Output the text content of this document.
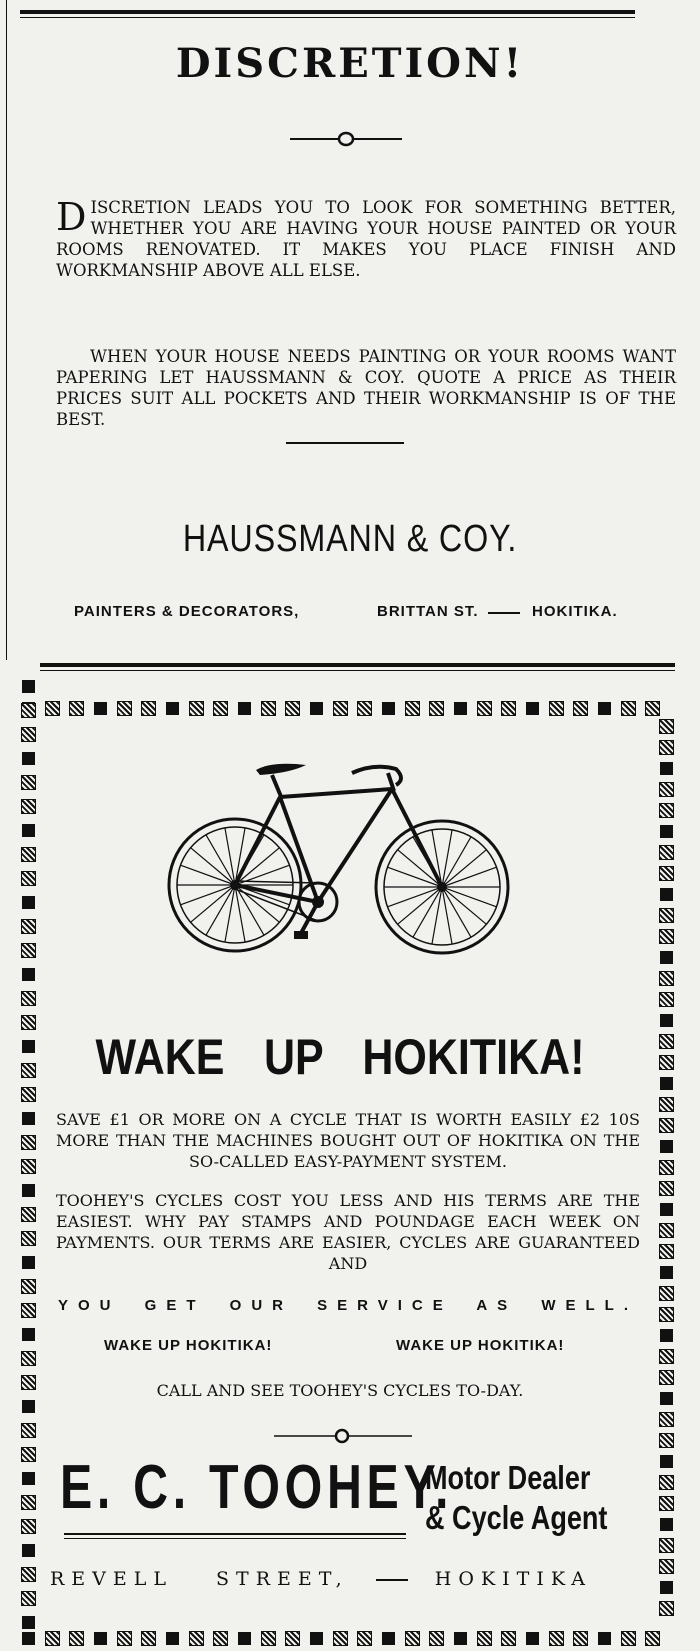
DISCRETION!
D ISCRETION LEADS YOU TO LOOK FOR SOMETHING BETTER, WHETHER YOU ARE HAVING YOUR HOUSE PAINTED OR YOUR ROOMS RENOVATED. IT MAKES YOU PLACE FINISH AND WORKMANSHIP ABOVE ALL ELSE.
WHEN YOUR HOUSE NEEDS PAINTING OR YOUR ROOMS WANT PAPERING LET HAUSSMANN & COY. QUOTE A PRICE AS THEIR PRICES SUIT ALL POCKETS AND THEIR WORKMANSHIP IS OF THE BEST.
HAUSSMANN & COY.
PAINTERS & DECORATORS,	BRITTAN ST.	HOKITIKA.
WAKE UP HOKITIKA!
SAVE £1 OR MORE ON A CYCLE THAT IS WORTH EASILY £2 10S MORE THAN THE MACHINES BOUGHT OUT OF HOKITIKA ON THE SO-CALLED EASY-PAYMENT SYSTEM.
TOOHEY'S CYCLES COST YOU LESS AND HIS TERMS ARE THE EASIEST. WHY PAY STAMPS AND POUNDAGE EACH WEEK ON PAYMENTS. OUR TERMS ARE EASIER, CYCLES ARE GUARANTEED AND
YOU GET OUR SERVICE AS WELL.
WAKE UP HOKITIKA!	WAKE UP HOKITIKA!
CALL AND SEE TOOHEY'S CYCLES TO-DAY.
E. C. TOOHEY.
Motor Dealer
& Cycle Agent
REVELL STREET,	HOKITIKA
